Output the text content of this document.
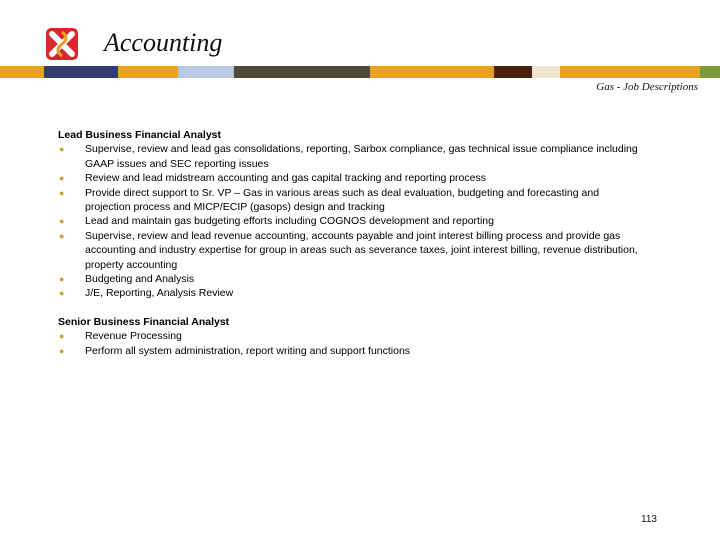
Accounting
Gas - Job Descriptions
Lead Business Financial Analyst
● Supervise, review and lead gas consolidations, reporting, Sarbox compliance, gas technical issue compliance including GAAP issues and SEC reporting issues
● Review and lead midstream accounting and gas capital tracking and reporting process
● Provide direct support to Sr. VP – Gas in various areas such as deal evaluation, budgeting and forecasting and projection process and MICP/ECIP (gasops) design and tracking
● Lead and maintain gas budgeting efforts including COGNOS development and reporting
● Supervise, review and lead revenue accounting, accounts payable and joint interest billing process and provide gas accounting and industry expertise for group in areas such as severance taxes, joint interest billing, revenue distribution, property accounting
● Budgeting and Analysis
● J/E, Reporting, Analysis Review
Senior Business Financial Analyst
● Revenue Processing
● Perform all system administration, report writing and support functions
113
